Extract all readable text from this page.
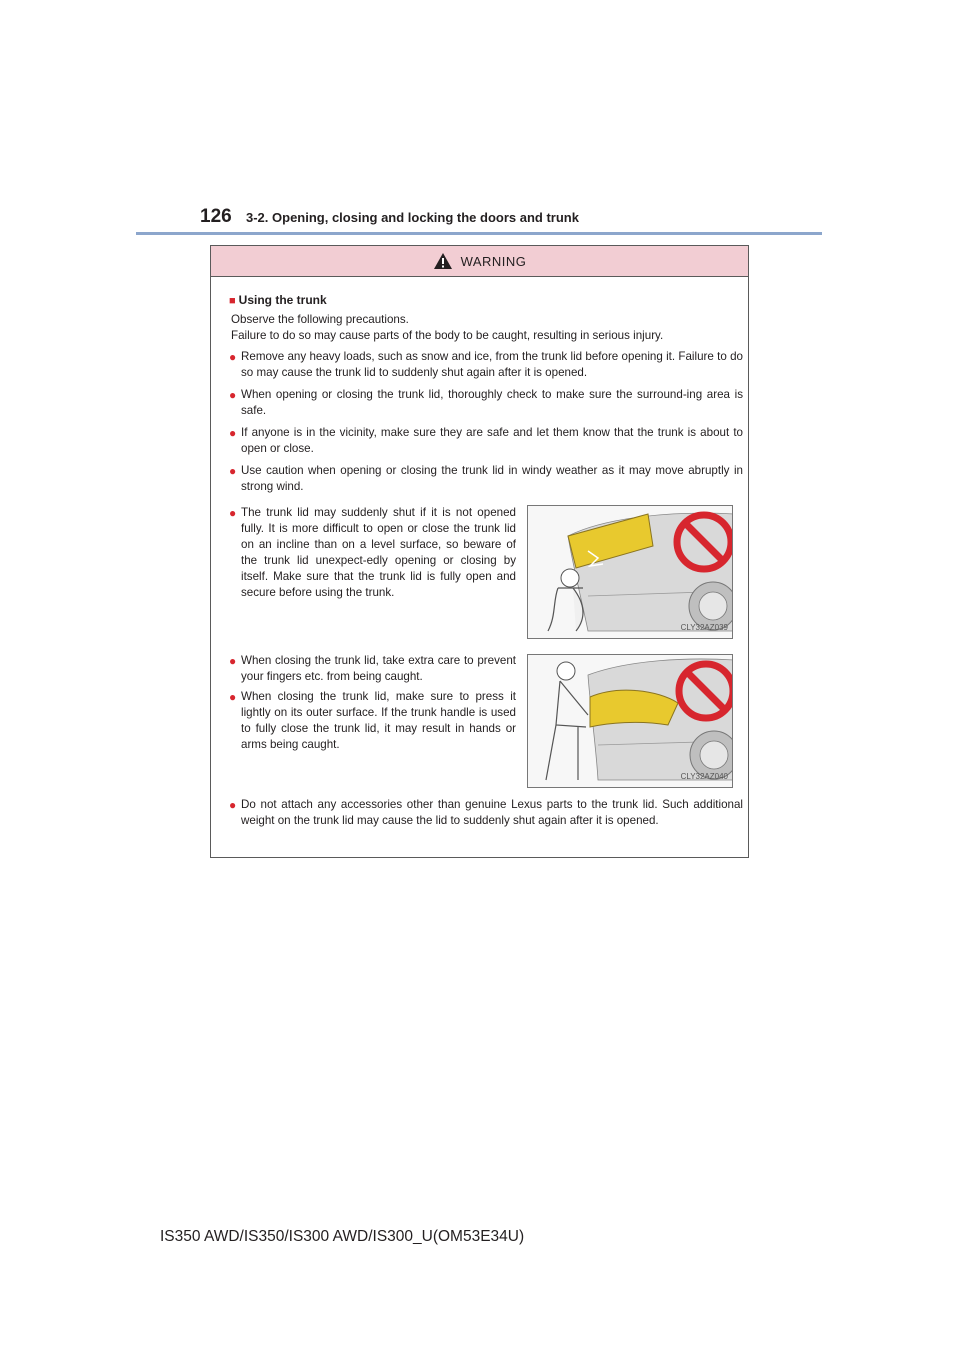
126 3-2. Opening, closing and locking the doors and trunk
WARNING
■ Using the trunk
Observe the following precautions.
Failure to do so may cause parts of the body to be caught, resulting in serious injury.
● Remove any heavy loads, such as snow and ice, from the trunk lid before opening it. Failure to do so may cause the trunk lid to suddenly shut again after it is opened.
● When opening or closing the trunk lid, thoroughly check to make sure the surround-ing area is safe.
● If anyone is in the vicinity, make sure they are safe and let them know that the trunk is about to open or close.
● Use caution when opening or closing the trunk lid in windy weather as it may move abruptly in strong wind.
● The trunk lid may suddenly shut if it is not opened fully. It is more difficult to open or close the trunk lid on an incline than on a level surface, so beware of the trunk lid unexpect-edly opening or closing by itself. Make sure that the trunk lid is fully open and secure before using the trunk.
CLY32AZ039
● When closing the trunk lid, take extra care to prevent your fingers etc. from being caught.
● When closing the trunk lid, make sure to press it lightly on its outer surface. If the trunk handle is used to fully close the trunk lid, it may result in hands or arms being caught.
CLY32AZ040
● Do not attach any accessories other than genuine Lexus parts to the trunk lid. Such additional weight on the trunk lid may cause the lid to suddenly shut again after it is opened.
IS350 AWD/IS350/IS300 AWD/IS300_U(OM53E34U)
